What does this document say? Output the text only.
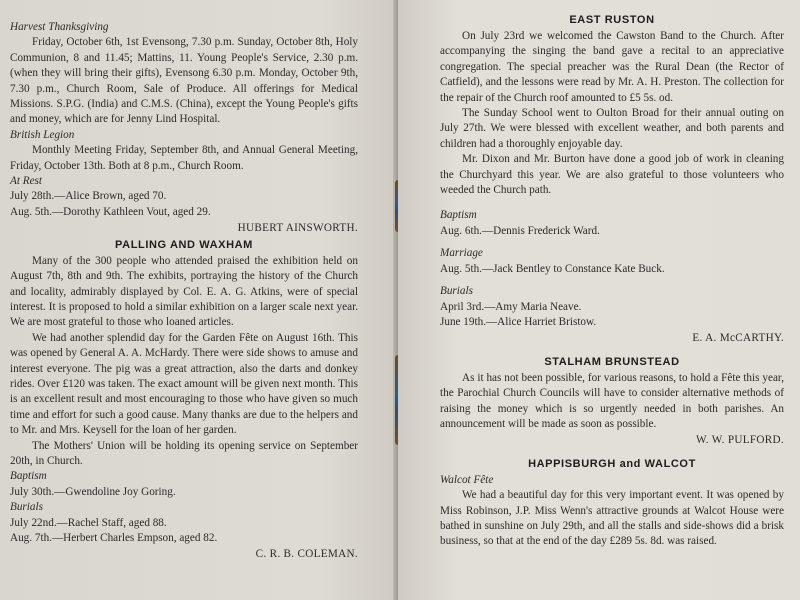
Harvest Thanksgiving

Friday, October 6th, 1st Evensong, 7.30 p.m. Sunday, October 8th, Holy Communion, 8 and 11.45; Mattins, 11. Young People's Service, 2.30 p.m. (when they will bring their gifts), Evensong 6.30 p.m. Monday, October 9th, 7.30 p.m., Church Room, Sale of Produce. All offerings for Medical Missions. S.P.G. (India) and C.M.S. (China), except the Young People's gifts and money, which are for Jenny Lind Hospital.

British Legion

Monthly Meeting Friday, September 8th, and Annual General Meeting, Friday, October 13th. Both at 8 p.m., Church Room.

At Rest

July 28th.—Alice Brown, aged 70.

Aug. 5th.—Dorothy Kathleen Vout, aged 29.

HUBERT AINSWORTH.
PALLING AND WAXHAM

Many of the 300 people who attended praised the exhibition held on August 7th, 8th and 9th. The exhibits, portraying the history of the Church and locality, admirably displayed by Col. E. A. G. Atkins, were of special interest. It is proposed to hold a similar exhibition on a larger scale next year. We are most grateful to those who loaned articles.

We had another splendid day for the Garden Fête on August 16th. This was opened by General A. A. McHardy. There were side shows to amuse and interest everyone. The pig was a great attraction, also the darts and donkey rides. Over £120 was taken. The exact amount will be given next month. This is an excellent result and most encouraging to those who have given so much time and effort for such a good cause. Many thanks are due to the helpers and to Mr. and Mrs. Keysell for the loan of her garden.

The Mothers' Union will be holding its opening service on September 20th, in Church.

Baptism

July 30th.—Gwendoline Joy Goring.

Burials

July 22nd.—Rachel Staff, aged 88.

Aug. 7th.—Herbert Charles Empson, aged 82.

C. R. B. COLEMAN.
EAST RUSTON

On July 23rd we welcomed the Cawston Band to the Church. After accompanying the singing the band gave a recital to an appreciative congregation. The special preacher was the Rural Dean (the Rector of Catfield), and the lessons were read by Mr. A. H. Preston. The collection for the repair of the Church roof amounted to £5 5s. od.

The Sunday School went to Oulton Broad for their annual outing on July 27th. We were blessed with excellent weather, and both parents and children had a thoroughly enjoyable day.

Mr. Dixon and Mr. Burton have done a good job of work in cleaning the Churchyard this year. We are also grateful to those volunteers who weeded the Church path.

Baptism

Aug. 6th.—Dennis Frederick Ward.

Marriage

Aug. 5th.—Jack Bentley to Constance Kate Buck.

Burials

April 3rd.—Amy Maria Neave.

June 19th.—Alice Harriet Bristow.

E. A. McCARTHY.
STALHAM BRUNSTEAD

As it has not been possible, for various reasons, to hold a Fête this year, the Parochial Church Councils will have to consider alternative methods of raising the money which is so urgently needed in both parishes. An announcement will be made as soon as possible.

W. W. PULFORD.
HAPPISBURGH and WALCOT
Walcot Fête

We had a beautiful day for this very important event. It was opened by Miss Robinson, J.P. Miss Wenn's attractive grounds at Walcot House were bathed in sunshine on July 29th, and all the stalls and side-shows did a brisk business, so that at the end of the day £289 5s. 8d. was raised.
